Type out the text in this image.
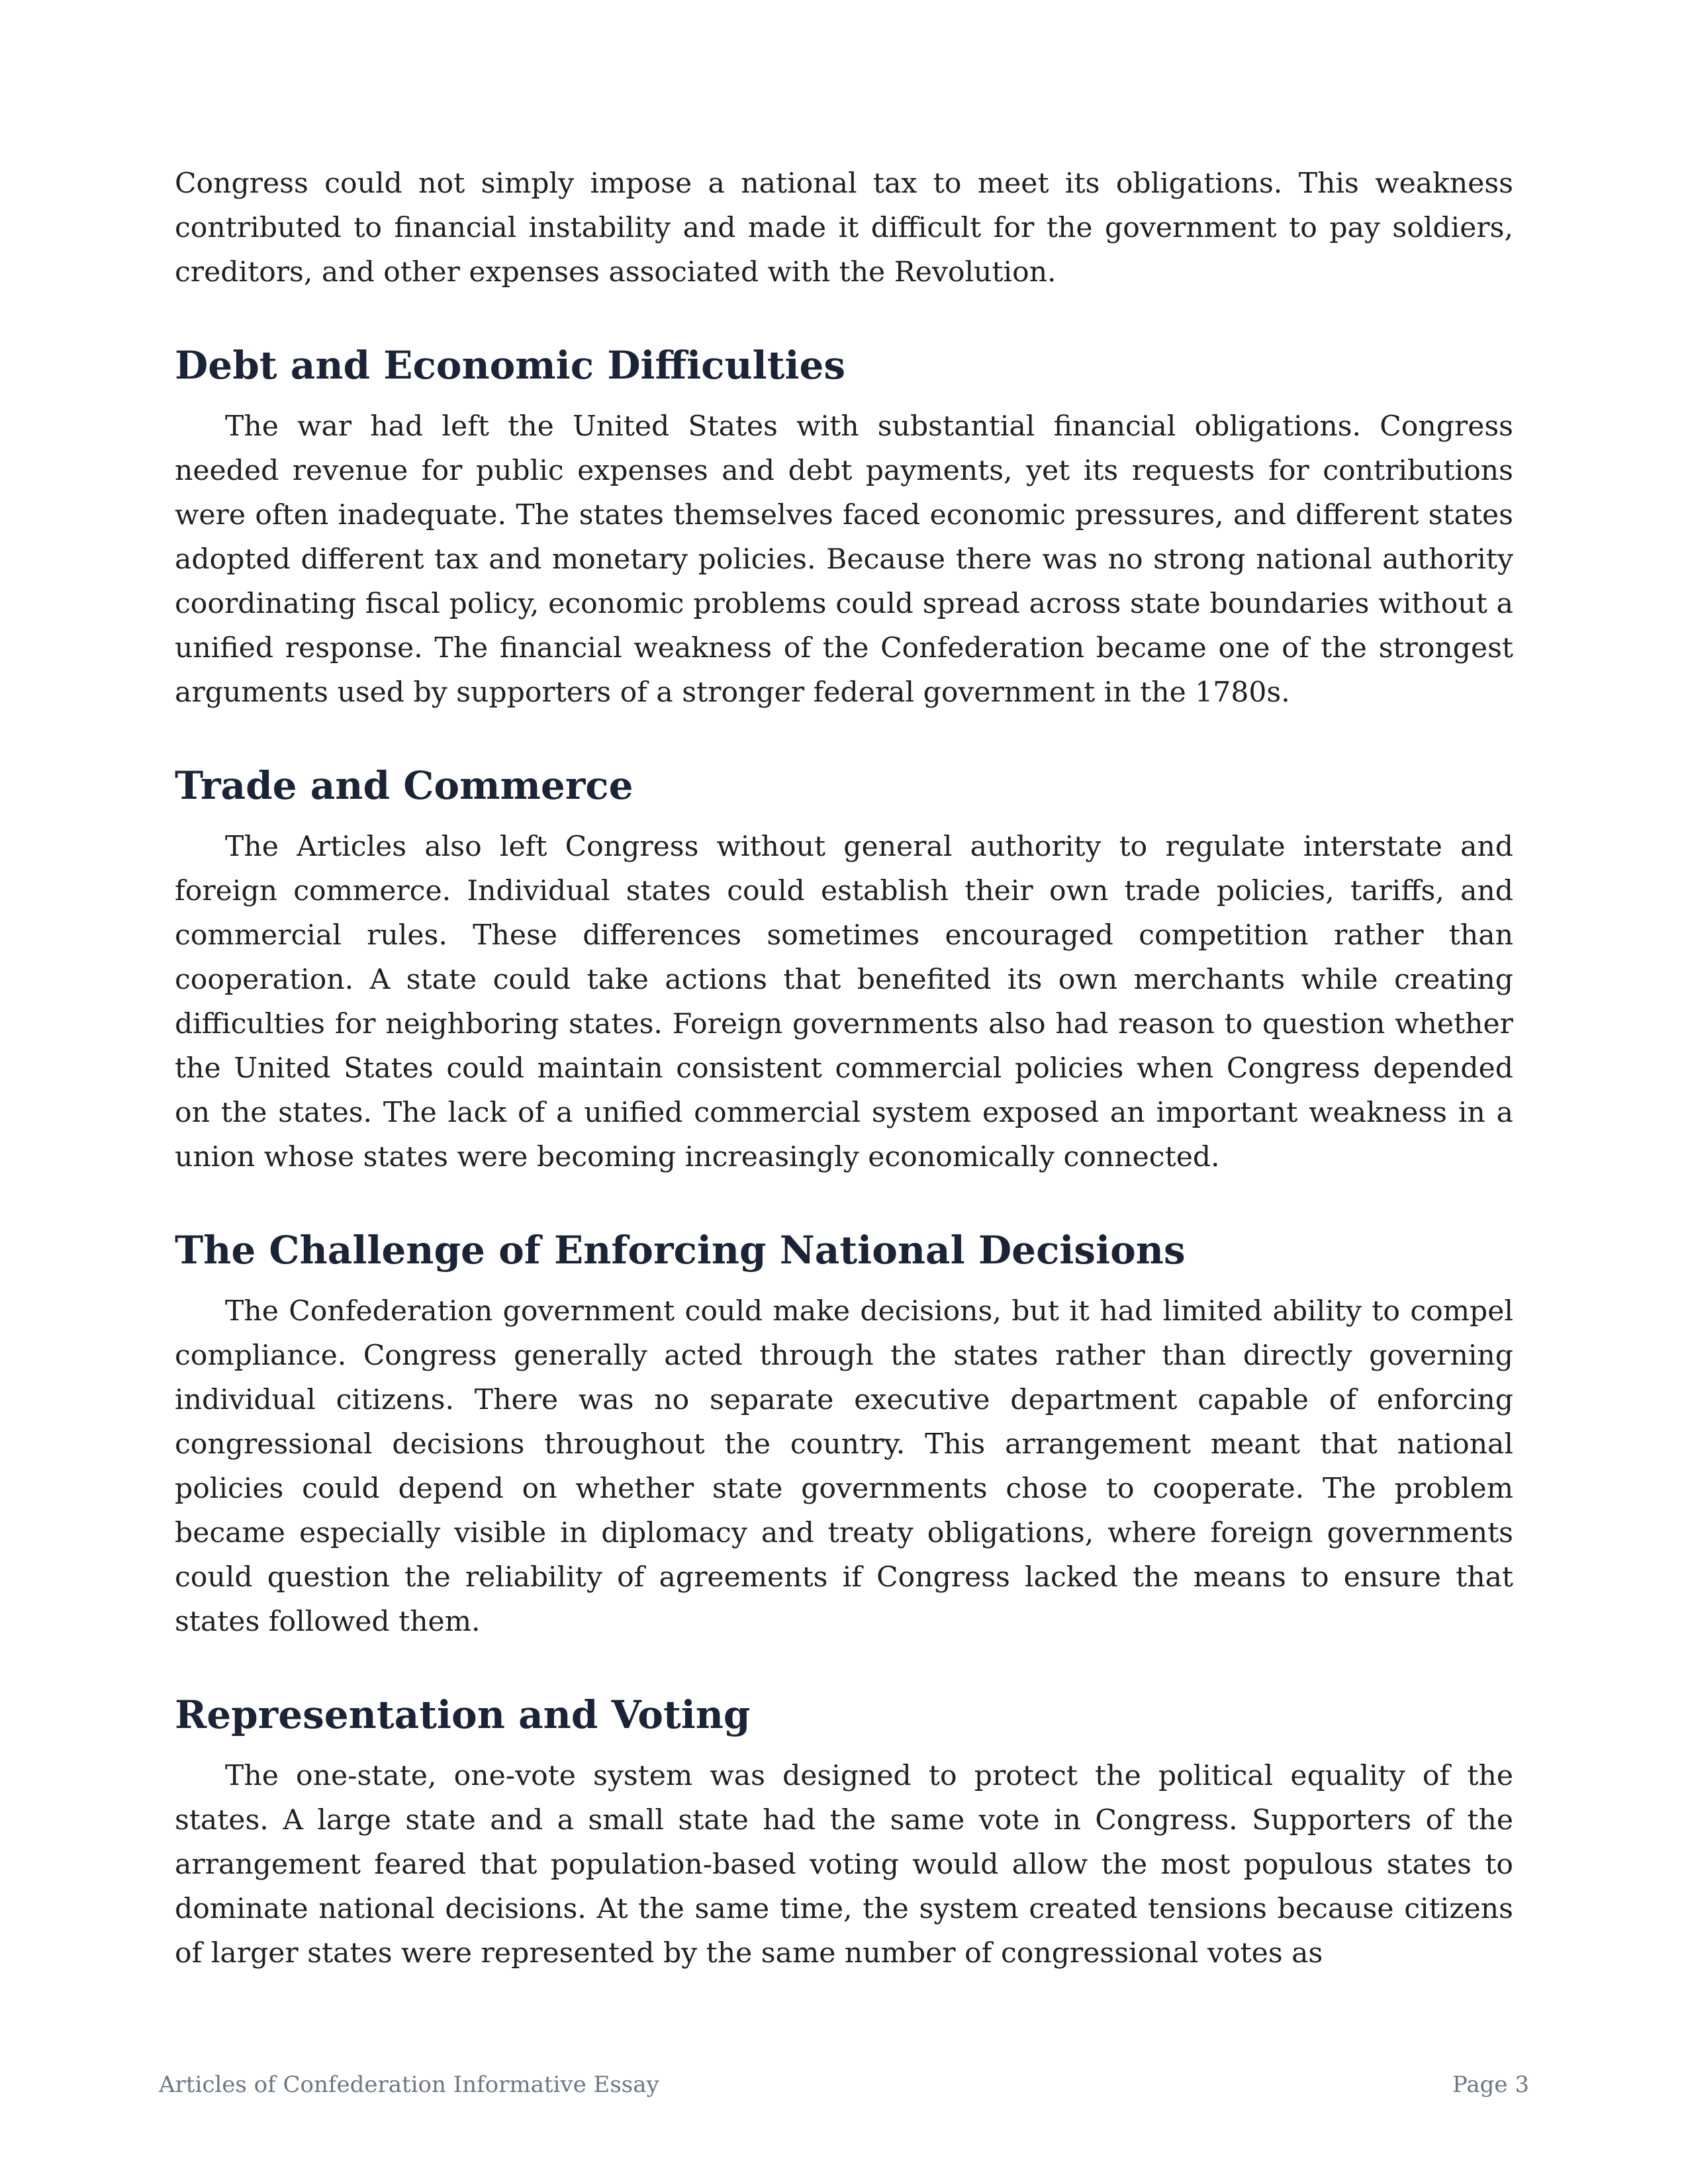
Congress could not simply impose a national tax to meet its obligations. This weakness contributed to financial instability and made it difficult for the government to pay soldiers, creditors, and other expenses associated with the Revolution.

Debt and Economic Difficulties

The war had left the United States with substantial financial obligations. Congress needed revenue for public expenses and debt payments, yet its requests for contributions were often inadequate. The states themselves faced economic pressures, and different states adopted different tax and monetary policies. Because there was no strong national authority coordinating fiscal policy, economic problems could spread across state boundaries without a unified response. The financial weakness of the Confederation became one of the strongest arguments used by supporters of a stronger federal government in the 1780s.

Trade and Commerce

The Articles also left Congress without general authority to regulate interstate and foreign commerce. Individual states could establish their own trade policies, tariffs, and commercial rules. These differences sometimes encouraged competition rather than cooperation. A state could take actions that benefited its own merchants while creating difficulties for neighboring states. Foreign governments also had reason to question whether the United States could maintain consistent commercial policies when Congress depended on the states. The lack of a unified commercial system exposed an important weakness in a union whose states were becoming increasingly economically connected.

The Challenge of Enforcing National Decisions

The Confederation government could make decisions, but it had limited ability to compel compliance. Congress generally acted through the states rather than directly governing individual citizens. There was no separate executive department capable of enforcing congressional decisions throughout the country. This arrangement meant that national policies could depend on whether state governments chose to cooperate. The problem became especially visible in diplomacy and treaty obligations, where foreign governments could question the reliability of agreements if Congress lacked the means to ensure that states followed them.

Representation and Voting

The one-state, one-vote system was designed to protect the political equality of the states. A large state and a small state had the same vote in Congress. Supporters of the arrangement feared that population-based voting would allow the most populous states to dominate national decisions. At the same time, the system created tensions because citizens of larger states were represented by the same number of congressional votes as

Articles of Confederation Informative Essay	Page 3
